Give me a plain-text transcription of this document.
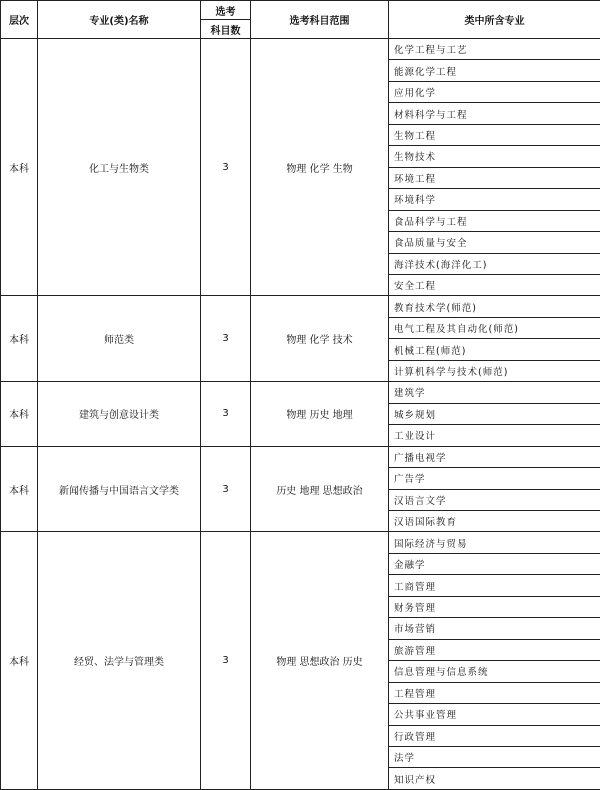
层次	专业(类)名称	选考	选考科目范围	类中所含专业
		科目数		
本科	化工与生物类	3	物理 化学 生物	化学工程与工艺
				能源化学工程
				应用化学
				材料科学与工程
				生物工程
				生物技术
				环境工程
				环境科学
				食品科学与工程
				食品质量与安全
				海洋技术(海洋化工)
				安全工程
本科	师范类	3	物理 化学 技术	教育技术学(师范)
				电气工程及其自动化(师范)
				机械工程(师范)
				计算机科学与技术(师范)
本科	建筑与创意设计类	3	物理 历史 地理	建筑学
				城乡规划
				工业设计
本科	新闻传播与中国语言文学类	3	历史 地理 思想政治	广播电视学
				广告学
				汉语言文学
				汉语国际教育
本科	经贸、法学与管理类	3	物理 思想政治 历史	国际经济与贸易
				金融学
				工商管理
				财务管理
				市场营销
				旅游管理
				信息管理与信息系统
				工程管理
				公共事业管理
				行政管理
				法学
				知识产权
